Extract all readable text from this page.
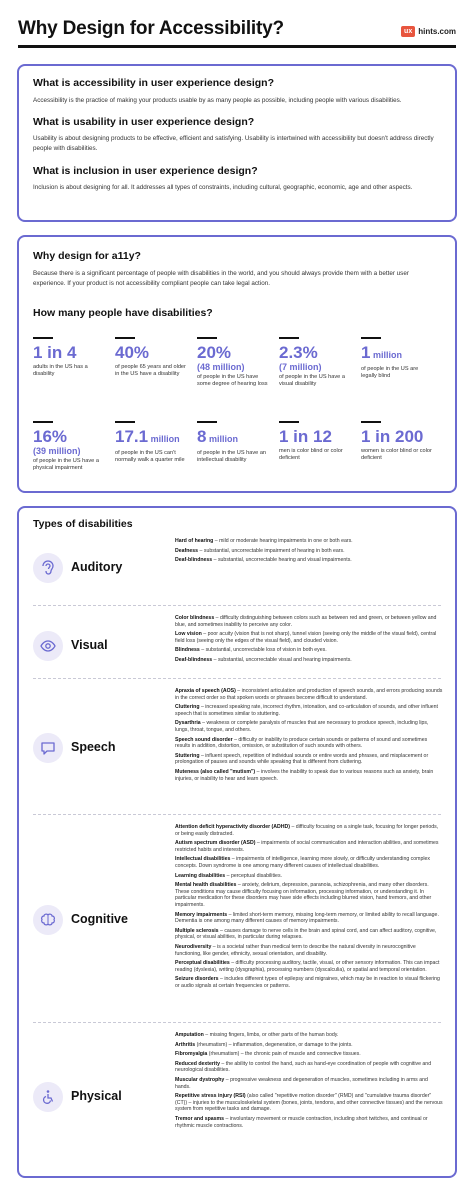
Why Design for Accessibility?	ux hints.com
What is accessibility in user experience design?
Accessibility is the practice of making your products usable by as many people as possible, including people with various disabilities.
What is usability in user experience design?
Usability is about designing products to be effective, efficient and satisfying. Usability is intertwined with accessibility but doesn't address directly people with disabilities.
What is inclusion in user experience design?
Inclusion is about designing for all. It addresses all types of constraints, including cultural, geographic, economic, age and other aspects.
Why design for a11y?
Because there is a significant percentage of people with disabilities in the world, and you should always provide them with a better user experience. If your product is not accessibility compliant people can take legal action.
How many people have disabilities?
1 in 4
adults in the US has a disability
40%
of people 65 years and older in the US have a disability
20%
(48 million)
of people in the US have some degree of hearing loss
2.3%
(7 million)
of people in the US have a visual disability
1 million
of people in the US are legally blind
16%
(39 million)
of people in the US have a physical impairment
17.1 million
of people in the US can't normally walk a quarter mile
8 million
of people in the US have an intellectual disability
1 in 12
men is color blind or color deficient
1 in 200
women is color blind or color deficient
Types of disabilities
Auditory
Hard of hearing – mild or moderate hearing impairments in one or both ears.
Deafness – substantial, uncorrectable impairment of hearing in both ears.
Deaf-blindness – substantial, uncorrectable hearing and visual impairments.
Visual
Color blindness – difficulty distinguishing between colors such as between red and green, or between yellow and blue, and sometimes inability to perceive any color.
Low vision – poor acuity (vision that is not sharp), tunnel vision (seeing only the middle of the visual field), central field loss (seeing only the edges of the visual field), and clouded vision.
Blindness – substantial, uncorrectable loss of vision in both eyes.
Deaf-blindness – substantial, uncorrectable visual and hearing impairments.
Speech
Apraxia of speech (AOS) – inconsistent articulation and production of speech sounds, and errors producing sounds in the correct order so that spoken words or phrases become difficult to understand.
Cluttering – increased speaking rate, incorrect rhythm, intonation, and co-articulation of sounds, and other influent speech that is sometimes similar to stuttering.
Dysarthria – weakness or complete paralysis of muscles that are necessary to produce speech, including lips, lungs, throat, tongue, and others.
Speech sound disorder – difficulty or inability to produce certain sounds or patterns of sound and sometimes results in addition, distortion, omission, or substitution of such sounds with others.
Stuttering – influent speech, repetition of individual sounds or entire words and phrases, and misplacement or prolongation of pauses and sounds while speaking that is different from cluttering.
Muteness (also called "mutism") – involves the inability to speak due to various reasons such as anxiety, brain injuries, or inability to hear and learn speech.
Cognitive
Attention deficit hyperactivity disorder (ADHD) – difficulty focusing on a single task, focusing for longer periods, or being easily distracted.
Autism spectrum disorder (ASD) – impairments of social communication and interaction abilities, and sometimes restricted habits and interests.
Intellectual disabilities – impairments of intelligence, learning more slowly, or difficulty understanding complex concepts. Down syndrome is one among many different causes of intellectual disabilities.
Learning disabilities – perceptual disabilities.
Mental health disabilities – anxiety, delirium, depression, paranoia, schizophrenia, and many other disorders. These conditions may cause difficulty focusing on information, processing information, or understanding it. In particular medication for these disorders may have side effects including blurred vision, hand tremors, and other impairments.
Memory impairments – limited short-term memory, missing long-term memory, or limited ability to recall language. Dementia is one among many different causes of memory impairments.
Multiple sclerosis – causes damage to nerve cells in the brain and spinal cord, and can affect auditory, cognitive, physical, or visual abilities, in particular during relapses.
Neurodiversity – is a societal rather than medical term to describe the natural diversity in neurocognitive functioning, like gender, ethnicity, sexual orientation, and disability.
Perceptual disabilities – difficulty processing auditory, tactile, visual, or other sensory information. This can impact reading (dyslexia), writing (dysgraphia), processing numbers (dyscalculia), or spatial and temporal orientation.
Seizure disorders – includes different types of epilepsy and migraines, which may be in reaction to visual flickering or audio signals at certain frequencies or patterns.
Physical
Amputation – missing fingers, limbs, or other parts of the human body.
Arthritis (rheumatism) – inflammation, degeneration, or damage to the joints.
Fibromyalgia (rheumatism) – the chronic pain of muscle and connective tissues.
Reduced dexterity – the ability to control the hand, such as hand-eye coordination of people with cognitive and neurological disabilities.
Muscular dystrophy – progressive weakness and degeneration of muscles, sometimes including in arms and hands.
Repetitive stress injury (RSI) (also called "repetitive motion disorder" (RMD) and "cumulative trauma disorder" (CT)) – injuries to the musculoskeletal system (bones, joints, tendons, and other connective tissues) and the nervous system from repetitive tasks and damage.
Tremor and spasms – involuntary movement or muscle contraction, including short twitches, and continual or rhythmic muscle contractions.
